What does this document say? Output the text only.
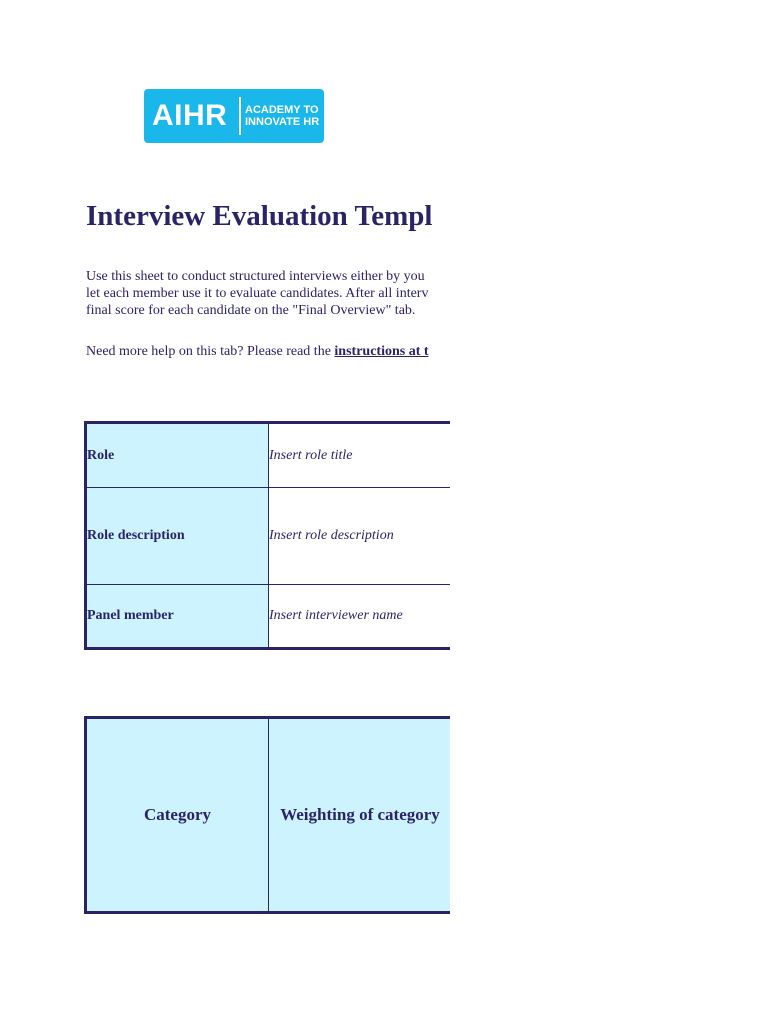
AIHR ACADEMY TO
INNOVATE HR
Interview Evaluation Templ
Use this sheet to conduct structured interviews either by you
let each member use it to evaluate candidates. After all interv
final score for each candidate on the "Final Overview" tab.
Need more help on this tab? Please read the instructions at t
Role	Insert role title
Role description	Insert role description
Panel member	Insert interviewer name
Category	Weighting of category	
